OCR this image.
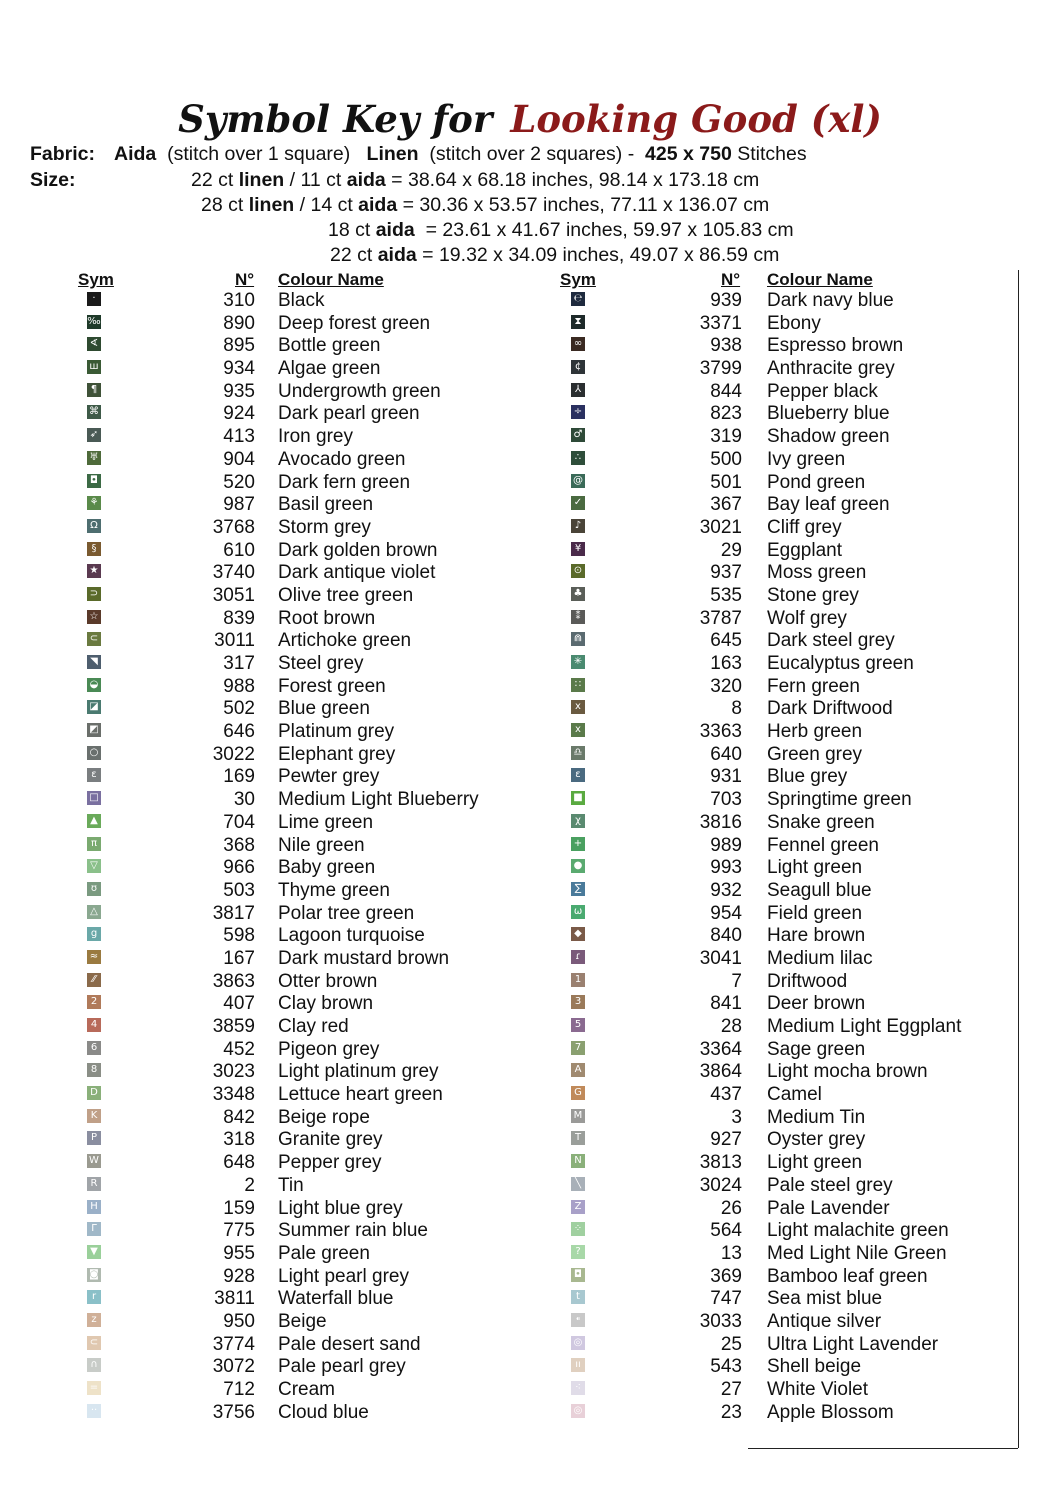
Symbol Key for Looking Good (xl)
Fabric: Aida (stitch over 1 square) Linen (stitch over 2 squares) - 425 x 750 Stitches
Size:	22 ct linen / 11 ct aida = 38.64 x 68.18 inches, 98.14 x 173.18 cm
28 ct linen / 14 ct aida = 30.36 x 53.57 inches, 77.11 x 136.07 cm
18 ct aida  = 23.61 x 41.67 inches, 59.97 x 105.83 cm
22 ct aida = 19.32 x 34.09 inches, 49.07 x 86.59 cm
Sym	N° Colour Name	Sym	N° Colour Name
·	310 Black
‰	890 Deep forest green
∢	895 Bottle green
ш	934 Algae green
¶	935 Undergrowth green
⌘	924 Dark pearl green
➶	413 Iron grey
♅	904 Avocado green
◘	520 Dark fern green
⚘	987 Basil green
Ω	3768 Storm grey
§	610 Dark golden brown
★	3740 Dark antique violet
⊃	3051 Olive tree green
☆	839 Root brown
⊂	3011 Artichoke green
◥	317 Steel grey
◒	988 Forest green
◪	502 Blue green
◩	646 Platinum grey
○	3022 Elephant grey
ɛ	169 Pewter grey
□	30 Medium Light Blueberry
▲	704 Lime green
π	368 Nile green
▽	966 Baby green
ʊ	503 Thyme green
△	3817 Polar tree green
g	598 Lagoon turquoise
≈	167 Dark mustard brown
⁄⁄	3863 Otter brown
2	407 Clay brown
4	3859 Clay red
6	452 Pigeon grey
8	3023 Light platinum grey
D	3348 Lettuce heart green
K	842 Beige rope
P	318 Granite grey
W	648 Pepper grey
R	2 Tin
H	159 Light blue grey
Γ	775 Summer rain blue
▼	955 Pale green
◙	928 Light pearl grey
r	3811 Waterfall blue
z	950 Beige
⊂	3774 Pale desert sand
∩	3072 Pale pearl grey
=	712 Cream
··	3756 Cloud blue
℮	939 Dark navy blue
⧗	3371 Ebony
∞	938 Espresso brown
¢	3799 Anthracite grey
⅄	844 Pepper black
÷	823 Blueberry blue
♂	319 Shadow green
∴	500 Ivy green
@	501 Pond green
✓	367 Bay leaf green
♪	3021 Cliff grey
¥	29 Eggplant
⊙	937 Moss green
♣	535 Stone grey
⁑	3787 Wolf grey
⋒	645 Dark steel grey
✳	163 Eucalyptus green
∷	320 Fern green
ⅹ	8 Dark Driftwood
x	3363 Herb green
♎	640 Green grey
ε	931 Blue grey
■	703 Springtime green
χ	3816 Snake green
+	989 Fennel green
●	993 Light green
∑	932 Seagull blue
ω	954 Field green
◆	840 Hare brown
ɾ	3041 Medium lilac
1	7 Driftwood
3	841 Deer brown
5	28 Medium Light Eggplant
7	3364 Sage green
A	3864 Light mocha brown
G	437 Camel
M	3 Medium Tin
T	927 Oyster grey
N	3813 Light green
╲	3024 Pale steel grey
Z	26 Pale Lavender
⁘	564 Light malachite green
?	13 Med Light Nile Green
◘	369 Bamboo leaf green
t	747 Sea mist blue
⁌	3033 Antique silver
◎	25 Ultra Light Lavender
ıı	543 Shell beige
⁖	27 White Violet
◎	23 Apple Blossom
